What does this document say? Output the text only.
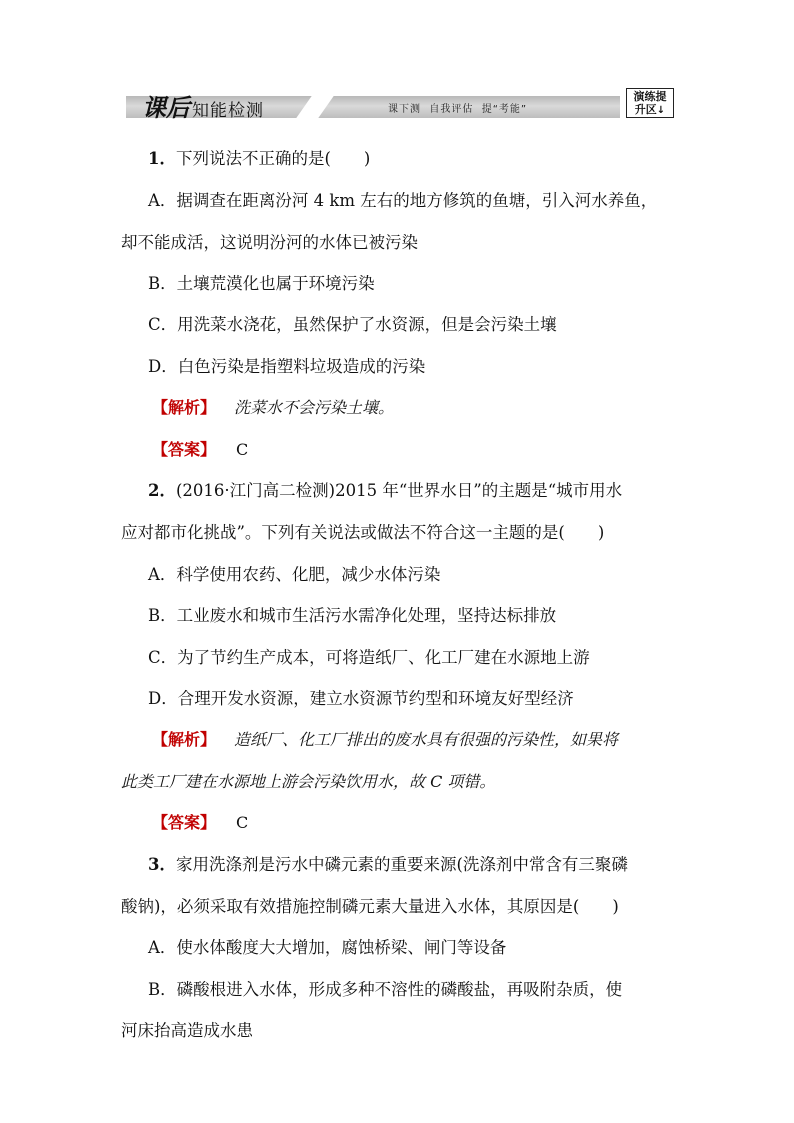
课后 知能检测	课下测  自我评估  提“考能”
演练提
升区↓
1．下列说法不正确的是(　　)
A．据调查在距离汾河 4 km 左右的地方修筑的鱼塘，引入河水养鱼，
却不能成活，这说明汾河的水体已被污染
B．土壤荒漠化也属于环境污染
C．用洗菜水浇花，虽然保护了水资源，但是会污染土壤
D．白色污染是指塑料垃圾造成的污染
【解析】 洗菜水不会污染土壤。
【答案】 C
2．(2016·江门高二检测)2015 年“世界水日”的主题是“城市用水
应对都市化挑战”。下列有关说法或做法不符合这一主题的是(　　)
A．科学使用农药、化肥，减少水体污染
B．工业废水和城市生活污水需净化处理，坚持达标排放
C．为了节约生产成本，可将造纸厂、化工厂建在水源地上游
D．合理开发水资源，建立水资源节约型和环境友好型经济
【解析】 造纸厂、化工厂排出的废水具有很强的污染性，如果将
此类工厂建在水源地上游会污染饮用水，故 C 项错。
【答案】 C
3．家用洗涤剂是污水中磷元素的重要来源(洗涤剂中常含有三聚磷
酸钠)，必须采取有效措施控制磷元素大量进入水体，其原因是(　　)
A．使水体酸度大大增加，腐蚀桥梁、闸门等设备
B．磷酸根进入水体，形成多种不溶性的磷酸盐，再吸附杂质，使
河床抬高造成水患
